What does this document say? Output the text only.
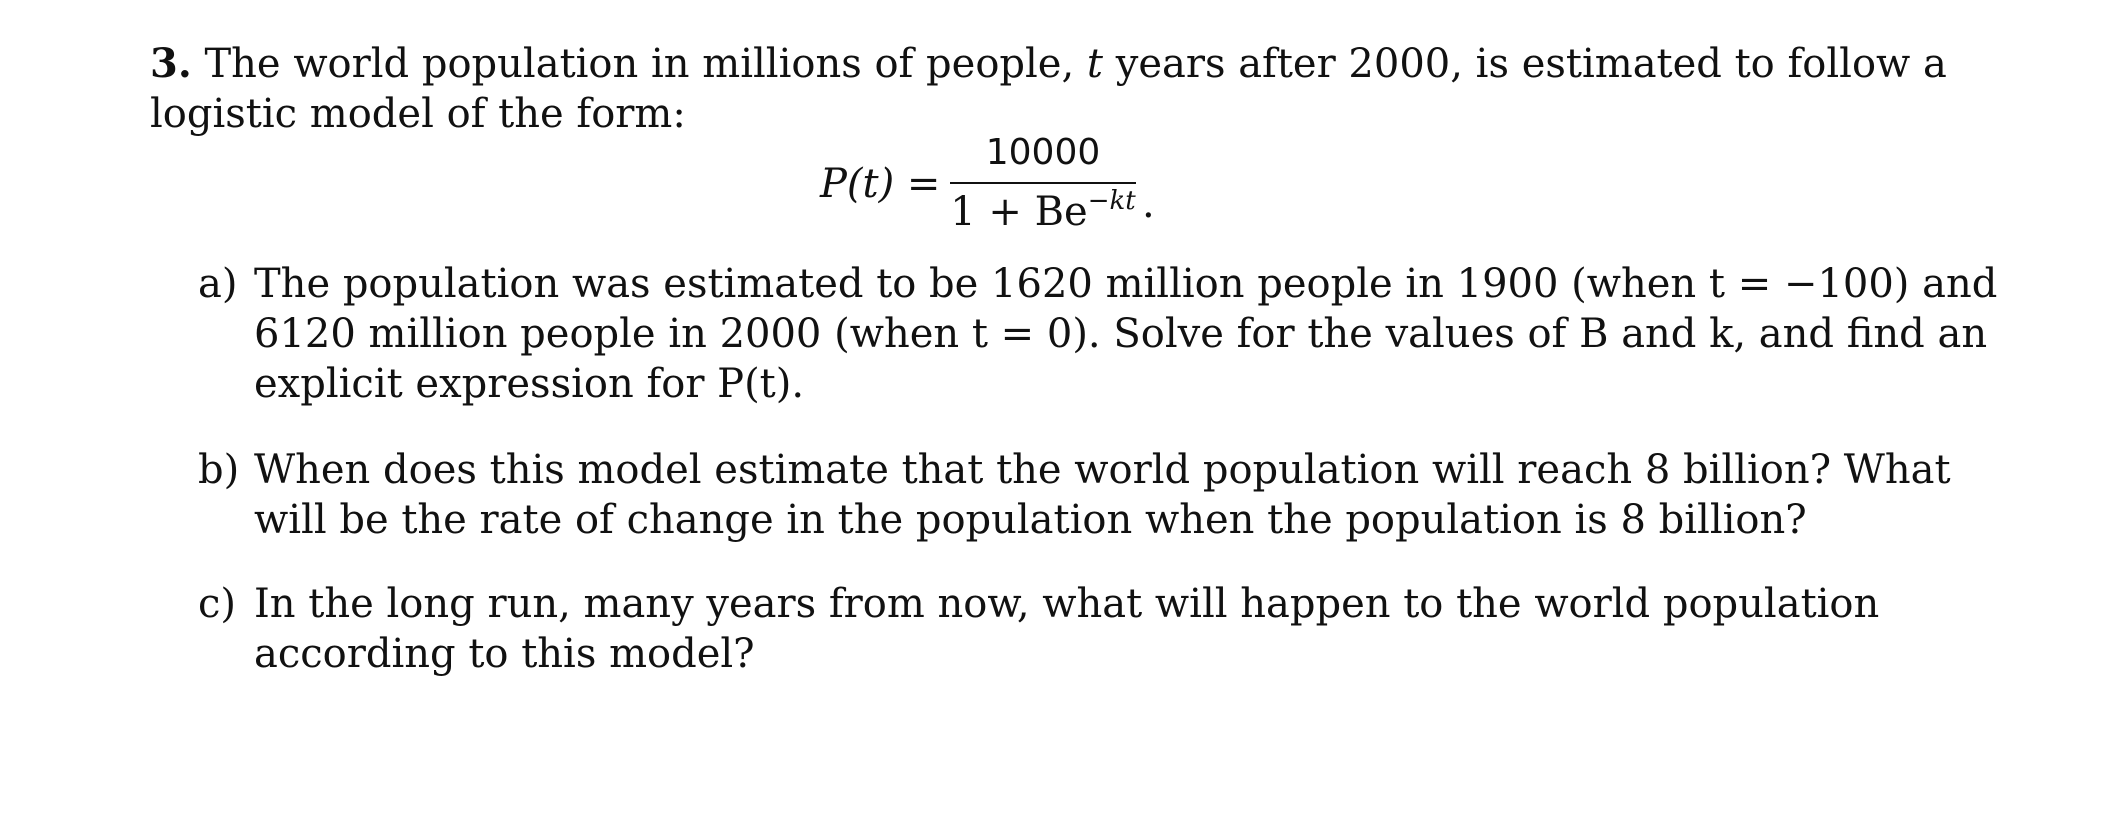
3. The world population in millions of people, t years after 2000, is estimated to follow a
logistic model of the form:
P(t) =
10000
$1 + Be^{-kt}$ .
a) The population was estimated to be 1620 million people in 1900 (when t = −100) and
6120 million people in 2000 (when t = 0). Solve for the values of B and k, and find an
explicit expression for P(t).
b) When does this model estimate that the world population will reach 8 billion? What
will be the rate of change in the population when the population is 8 billion?
c) In the long run, many years from now, what will happen to the world population
according to this model?
